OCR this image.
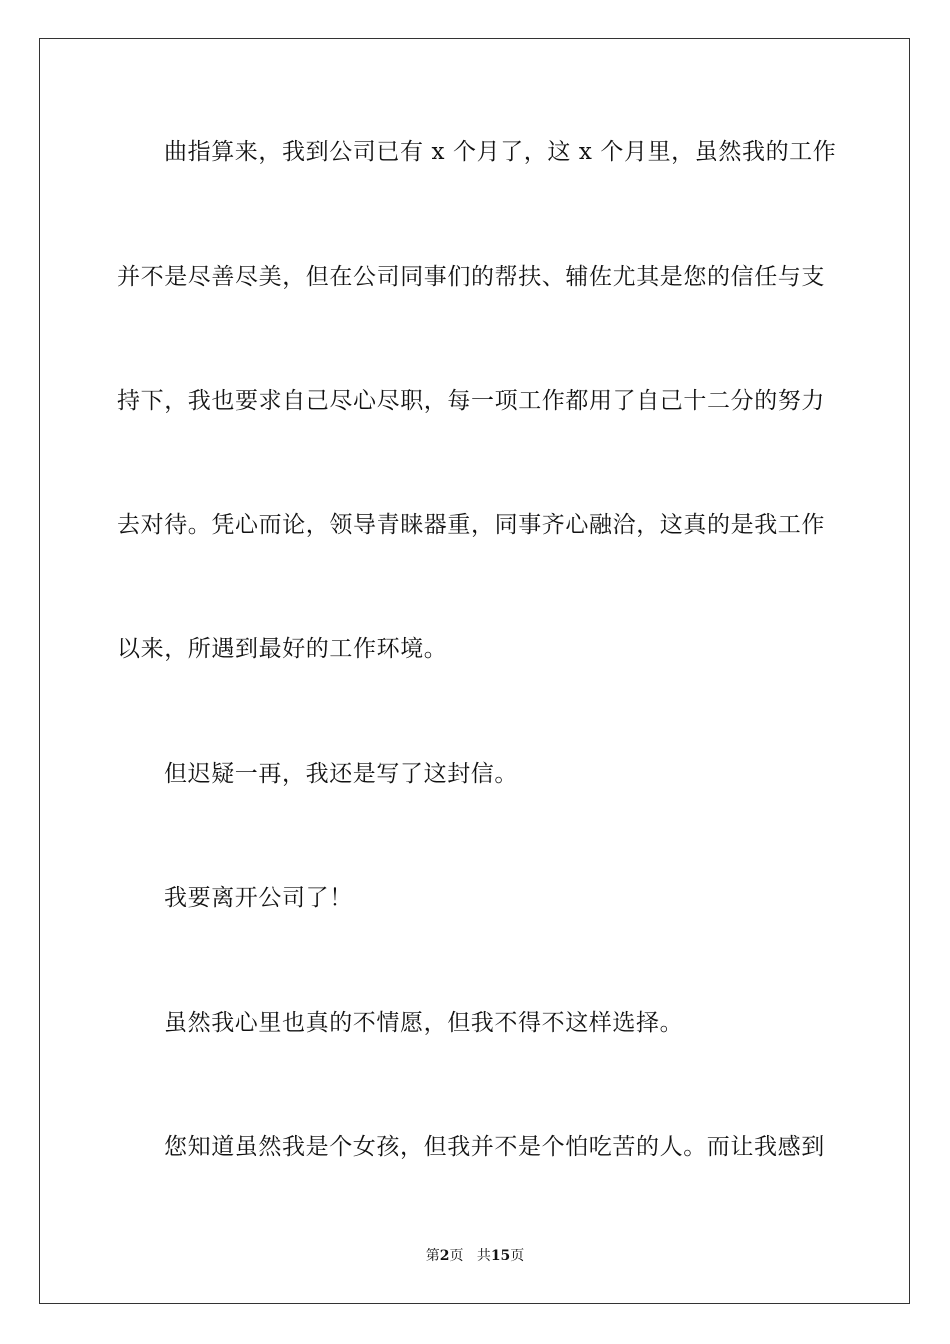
曲指算来，我到公司已有 x 个月了，这 x 个月里，虽然我的工作
并不是尽善尽美，但在公司同事们的帮扶、辅佐尤其是您的信任与支
持下，我也要求自己尽心尽职，每一项工作都用了自己十二分的努力
去对待。凭心而论，领导青睐器重，同事齐心融洽，这真的是我工作
以来，所遇到最好的工作环境。
但迟疑一再，我还是写了这封信。
我要离开公司了！
虽然我心里也真的不情愿，但我不得不这样选择。
您知道虽然我是个女孩，但我并不是个怕吃苦的人。而让我感到
第2页 共15页
